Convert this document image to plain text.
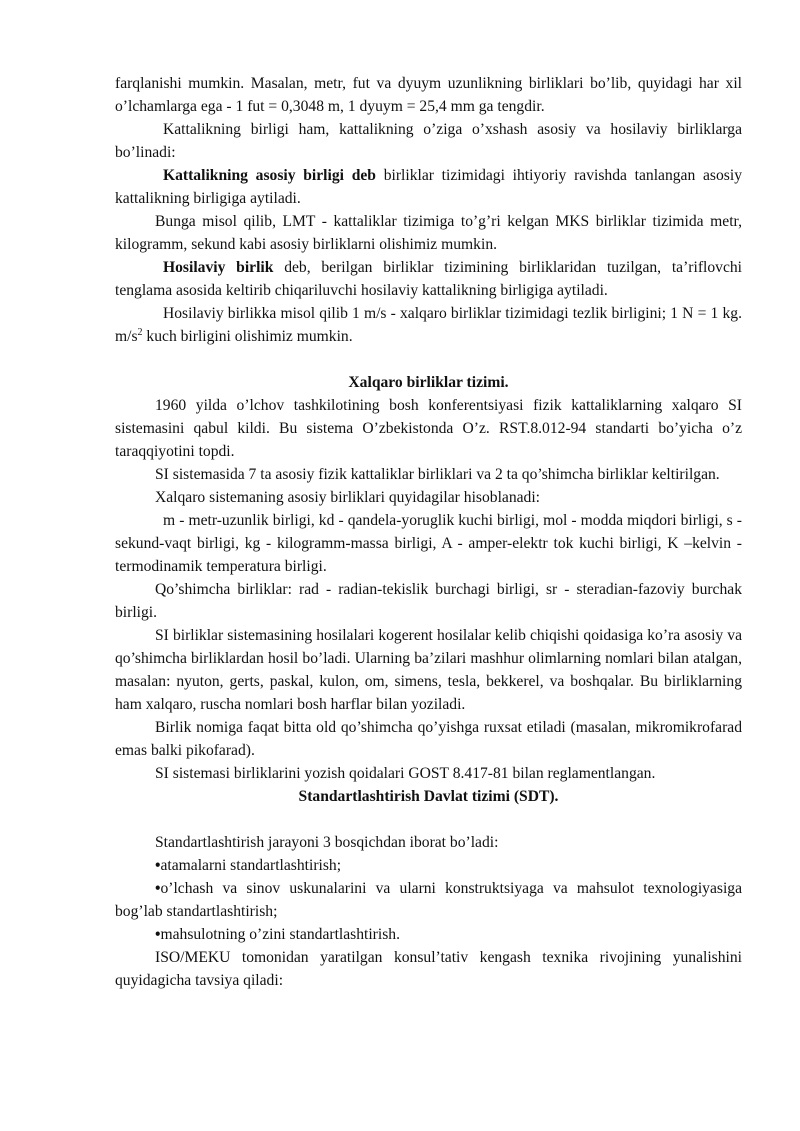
farqlanishi mumkin. Masalan, metr, fut va dyuym uzunlikning birliklari bo’lib, quyidagi har xil o’lchamlarga ega - 1 fut = 0,3048 m, 1 dyuym = 25,4 mm ga tengdir.

Kattalikning birligi ham, kattalikning o’ziga o’xshash asosiy va hosilaviy birliklarga bo’linadi:

Kattalikning asosiy birligi deb birliklar tizimidagi ihtiyoriy ravishda tanlangan asosiy kattalikning birligiga aytiladi.

Bunga misol qilib, LMT - kattaliklar tizimiga to’g’ri kelgan MKS birliklar tizimida metr, kilogramm, sekund kabi asosiy birliklarni olishimiz mumkin.

Hosilaviy birlik deb, berilgan birliklar tizimining birliklaridan tuzilgan, ta’riflovchi tenglama asosida keltirib chiqariluvchi hosilaviy kattalikning birligiga aytiladi.

Hosilaviy birlikka misol qilib 1 m/s - xalqaro birliklar tizimidagi tezlik birligini; 1 N = 1 kg. $m/s^2$ kuch birligini olishimiz mumkin.

Xalqaro birliklar tizimi.

1960 yilda o’lchov tashkilotining bosh konferentsiyasi fizik kattaliklarning xalqaro SI sistemasini qabul kildi. Bu sistema O’zbekistonda O’z. RST.8.012-94 standarti bo’yicha o’z taraqqiyotini topdi.

SI sistemasida 7 ta asosiy fizik kattaliklar birliklari va 2 ta qo’shimcha birliklar keltirilgan.

Xalqaro sistemaning asosiy birliklari quyidagilar hisoblanadi:

m - metr-uzunlik birligi, kd - qandela-yoruglik kuchi birligi, mol - modda miqdori birligi, s - sekund-vaqt birligi, kg - kilogramm-massa birligi, A - amper-elektr tok kuchi birligi, K –kelvin - termodinamik temperatura birligi.

Qo’shimcha birliklar: rad - radian-tekislik burchagi birligi, sr - steradian-fazoviy burchak birligi.

SI birliklar sistemasining hosilalari kogerent hosilalar kelib chiqishi qoidasiga ko’ra asosiy va qo’shimcha birliklardan hosil bo’ladi. Ularning ba’zilari mashhur olimlarning nomlari bilan atalgan, masalan: nyuton, gerts, paskal, kulon, om, simens, tesla, bekkerel, va boshqalar. Bu birliklarning ham xalqaro, ruscha nomlari bosh harflar bilan yoziladi.

Birlik nomiga faqat bitta old qo’shimcha qo’yishga ruxsat etiladi (masalan, mikromikrofarad emas balki pikofarad).

SI sistemasi birliklarini yozish qoidalari GOST 8.417-81 bilan reglamentlangan.

Standartlashtirish Davlat tizimi (SDT).

Standartlashtirish jarayoni 3 bosqichdan iborat bo’ladi:

•atamalarni standartlashtirish;

•o’lchash va sinov uskunalarini va ularni konstruktsiyaga va mahsulot texnologiyasiga bog’lab standartlashtirish;

•mahsulotning o’zini standartlashtirish.

ISO/MEKU tomonidan yaratilgan konsul’tativ kengash texnika rivojining yunalishini quyidagicha tavsiya qiladi:
